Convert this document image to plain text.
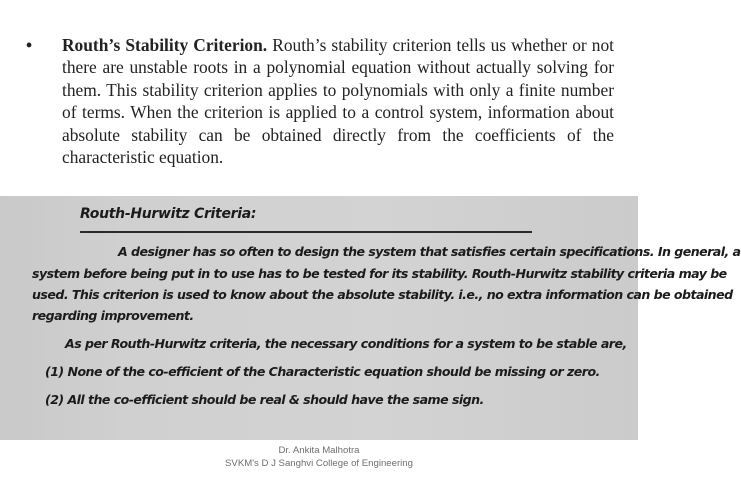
• Routh’s Stability Criterion. Routh’s stability criterion tells us whether or not there are unstable roots in a polynomial equation without actually solving for them. This stability criterion applies to polynomials with only a finite number of terms. When the criterion is applied to a control system, information about absolute stability can be obtained directly from the coefficients of the characteristic equation.
Routh-Hurwitz Criteria:
A designer has so often to design the system that satisfies certain specifications. In general, a
system before being put in to use has to be tested for its stability. Routh-Hurwitz stability criteria may be
used. This criterion is used to know about the absolute stability. i.e., no extra information can be obtained
regarding improvement.
As per Routh-Hurwitz criteria, the necessary conditions for a system to be stable are,
(1) None of the co-efficient of the Characteristic equation should be missing or zero.
(2) All the co-efficient should be real & should have the same sign.
Dr. Ankita Malhotra
SVKM's D J Sanghvi College of Engineering
